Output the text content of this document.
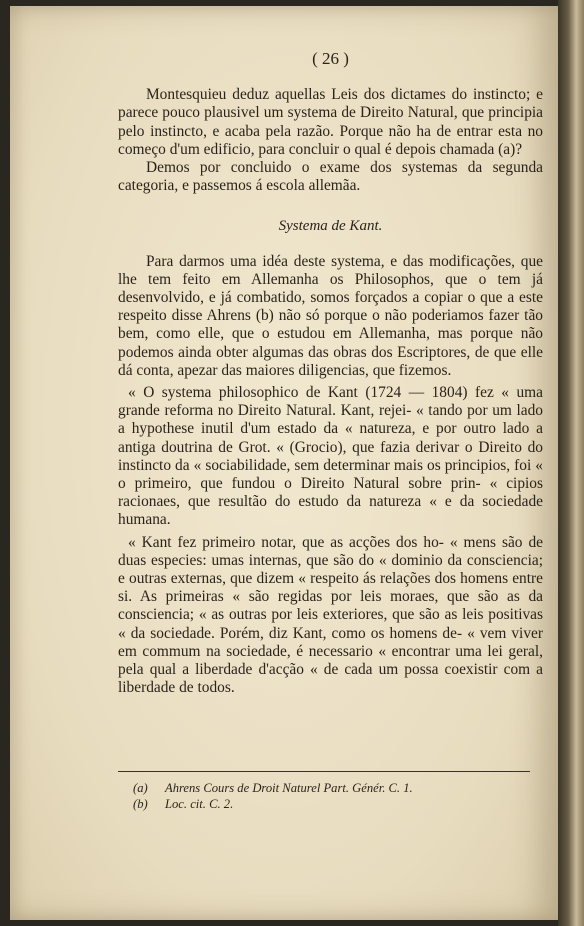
( 26 )

Montesquieu deduz aquellas Leis dos dictames do instincto; e parece pouco plausivel um systema de Direito Natural, que principia pelo instincto, e acaba pela razão. Porque não ha de entrar esta no começo d'um edificio, para concluir o qual é depois chamada (a)?

Demos por concluido o exame dos systemas da segunda categoria, e passemos á escola allemãa.

Systema de Kant.

Para darmos uma idéa deste systema, e das modificações, que lhe tem feito em Allemanha os Philosophos, que o tem já desenvolvido, e já combatido, somos forçados a copiar o que a este respeito disse Ahrens (b) não só porque o não poderiamos fazer tão bem, como elle, que o estudou em Allemanha, mas porque não podemos ainda obter algumas das obras dos Escriptores, de que elle dá conta, apezar das maiores diligencias, que fizemos.

« O systema philosophico de Kant (1724 — 1804) fez « uma grande reforma no Direito Natural. Kant, rejei- « tando por um lado a hypothese inutil d'um estado da « natureza, e por outro lado a antiga doutrina de Grot. « (Grocio), que fazia derivar o Direito do instincto da « sociabilidade, sem determinar mais os principios, foi « o primeiro, que fundou o Direito Natural sobre prin- « cipios racionaes, que resultão do estudo da natureza « e da sociedade humana.

« Kant fez primeiro notar, que as acções dos ho- « mens são de duas especies: umas internas, que são do « dominio da consciencia; e outras externas, que dizem « respeito ás relações dos homens entre si. As primeiras « são regidas por leis moraes, que são as da consciencia; « as outras por leis exteriores, que são as leis positivas « da sociedade. Porém, diz Kant, como os homens de- « vem viver em commum na sociedade, é necessario « encontrar uma lei geral, pela qual a liberdade d'acção « de cada um possa coexistir com a liberdade de todos.

(a)	Ahrens Cours de Droit Naturel Part. Génér. C. 1.
(b)	Loc. cit. C. 2.
